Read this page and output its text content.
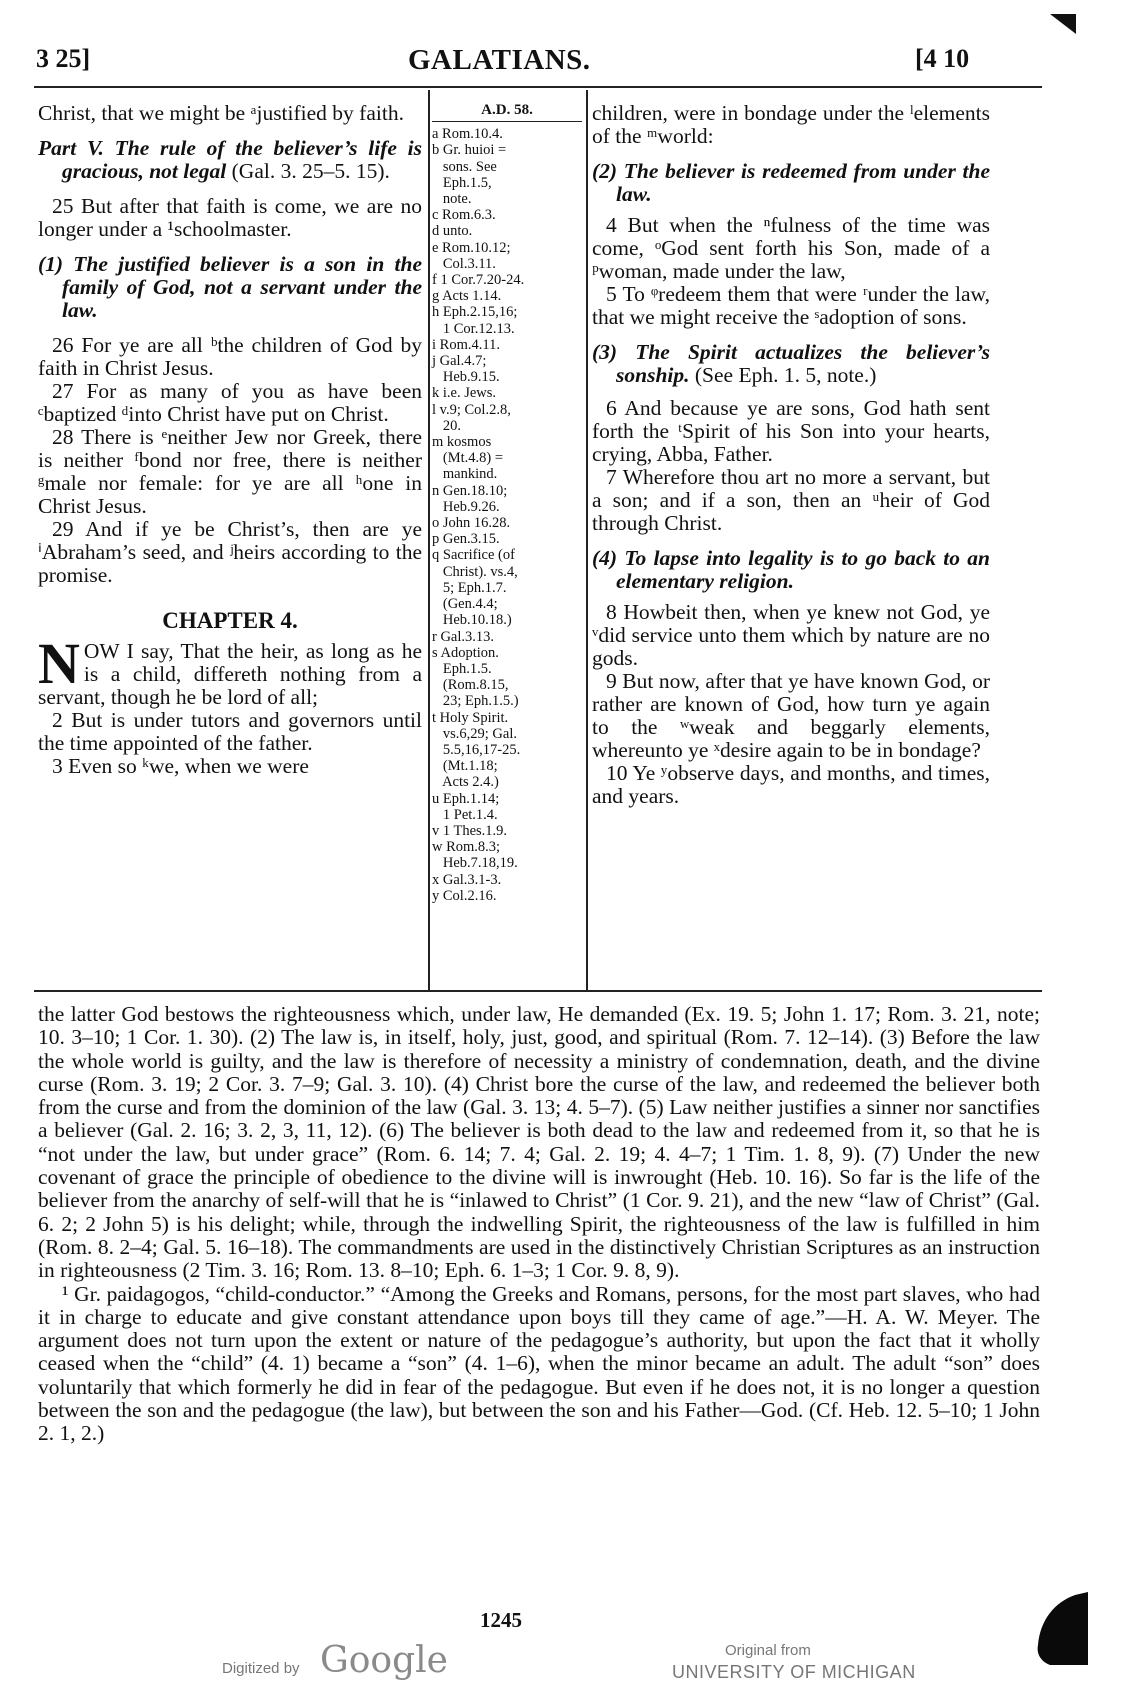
3 25]	GALATIANS.	[4 10

Christ, that we might be ᵃjustified by faith.

Part V. The rule of the believer’s life is gracious, not legal (Gal. 3. 25–5. 15).

25 But after that faith is come, we are no longer under a ¹schoolmaster.

(1) The justified believer is a son in the family of God, not a servant under the law.

26 For ye are all ᵇthe children of God by faith in Christ Jesus.

27 For as many of you as have been ᶜbaptized ᵈinto Christ have put on Christ.

28 There is ᵉneither Jew nor Greek, there is neither ᶠbond nor free, there is neither ᵍmale nor female: for ye are all ʰone in Christ Jesus.

29 And if ye be Christ’s, then are ye ⁱAbraham’s seed, and ʲheirs according to the promise.

CHAPTER 4.

NOW I say, That the heir, as long as he is a child, differeth nothing from a servant, though he be lord of all;

2 But is under tutors and governors until the time appointed of the father.

3 Even so ᵏwe, when we were

A.D. 58.
a Rom.10.4.
b Gr. huioi =
sons. See
Eph.1.5,
note.
c Rom.6.3.
d unto.
e Rom.10.12;
Col.3.11.
f 1 Cor.7.20-24.
g Acts 1.14.
h Eph.2.15,16;
1 Cor.12.13.
i Rom.4.11.
j Gal.4.7;
Heb.9.15.
k i.e. Jews.
l v.9; Col.2.8,
20.
m kosmos
(Mt.4.8) =
mankind.
n Gen.18.10;
Heb.9.26.
o John 16.28.
p Gen.3.15.
q Sacrifice (of
Christ). vs.4,
5; Eph.1.7.
(Gen.4.4;
Heb.10.18.)
r Gal.3.13.
s Adoption.
Eph.1.5.
(Rom.8.15,
23; Eph.1.5.)
t Holy Spirit.
vs.6,29; Gal.
5.5,16,17-25.
(Mt.1.18;
Acts 2.4.)
u Eph.1.14;
1 Pet.1.4.
v 1 Thes.1.9.
w Rom.8.3;
Heb.7.18,19.
x Gal.3.1-3.
y Col.2.16.

children, were in bondage under the ˡelements of the ᵐworld:

(2) The believer is redeemed from under the law.

4 But when the ⁿfulness of the time was come, ᵒGod sent forth his Son, made of a ᵖwoman, made under the law,

5 To ᵠredeem them that were ʳunder the law, that we might receive the ˢadoption of sons.

(3) The Spirit actualizes the believer’s sonship. (See Eph. 1. 5, note.)

6 And because ye are sons, God hath sent forth the ᵗSpirit of his Son into your hearts, crying, Abba, Father.

7 Wherefore thou art no more a servant, but a son; and if a son, then an ᵘheir of God through Christ.

(4) To lapse into legality is to go back to an elementary religion.

8 Howbeit then, when ye knew not God, ye ᵛdid service unto them which by nature are no gods.

9 But now, after that ye have known God, or rather are known of God, how turn ye again to the ʷweak and beggarly elements, whereunto ye ˣdesire again to be in bondage?

10 Ye ʸobserve days, and months, and times, and years.

the latter God bestows the righteousness which, under law, He demanded (Ex. 19. 5; John 1. 17; Rom. 3. 21, note; 10. 3–10; 1 Cor. 1. 30). (2) The law is, in itself, holy, just, good, and spiritual (Rom. 7. 12–14). (3) Before the law the whole world is guilty, and the law is therefore of necessity a ministry of condemnation, death, and the divine curse (Rom. 3. 19; 2 Cor. 3. 7–9; Gal. 3. 10). (4) Christ bore the curse of the law, and redeemed the believer both from the curse and from the dominion of the law (Gal. 3. 13; 4. 5–7). (5) Law neither justifies a sinner nor sanctifies a believer (Gal. 2. 16; 3. 2, 3, 11, 12). (6) The believer is both dead to the law and redeemed from it, so that he is “not under the law, but under grace” (Rom. 6. 14; 7. 4; Gal. 2. 19; 4. 4–7; 1 Tim. 1. 8, 9). (7) Under the new covenant of grace the principle of obedience to the divine will is inwrought (Heb. 10. 16). So far is the life of the believer from the anarchy of self-will that he is “inlawed to Christ” (1 Cor. 9. 21), and the new “law of Christ” (Gal. 6. 2; 2 John 5) is his delight; while, through the indwelling Spirit, the righteousness of the law is fulfilled in him (Rom. 8. 2–4; Gal. 5. 16–18). The commandments are used in the distinctively Christian Scriptures as an instruction in righteousness (2 Tim. 3. 16; Rom. 13. 8–10; Eph. 6. 1–3; 1 Cor. 9. 8, 9).

¹ Gr. paidagogos, “child-conductor.” “Among the Greeks and Romans, persons, for the most part slaves, who had it in charge to educate and give constant attendance upon boys till they came of age.”—H. A. W. Meyer. The argument does not turn upon the extent or nature of the pedagogue’s authority, but upon the fact that it wholly ceased when the “child” (4. 1) became a “son” (4. 1–6), when the minor became an adult. The adult “son” does voluntarily that which formerly he did in fear of the pedagogue. But even if he does not, it is no longer a question between the son and the pedagogue (the law), but between the son and his Father—God. (Cf. Heb. 12. 5–10; 1 John 2. 1, 2.)

1245
Digitized by Google	Original from
UNIVERSITY OF MICHIGAN
